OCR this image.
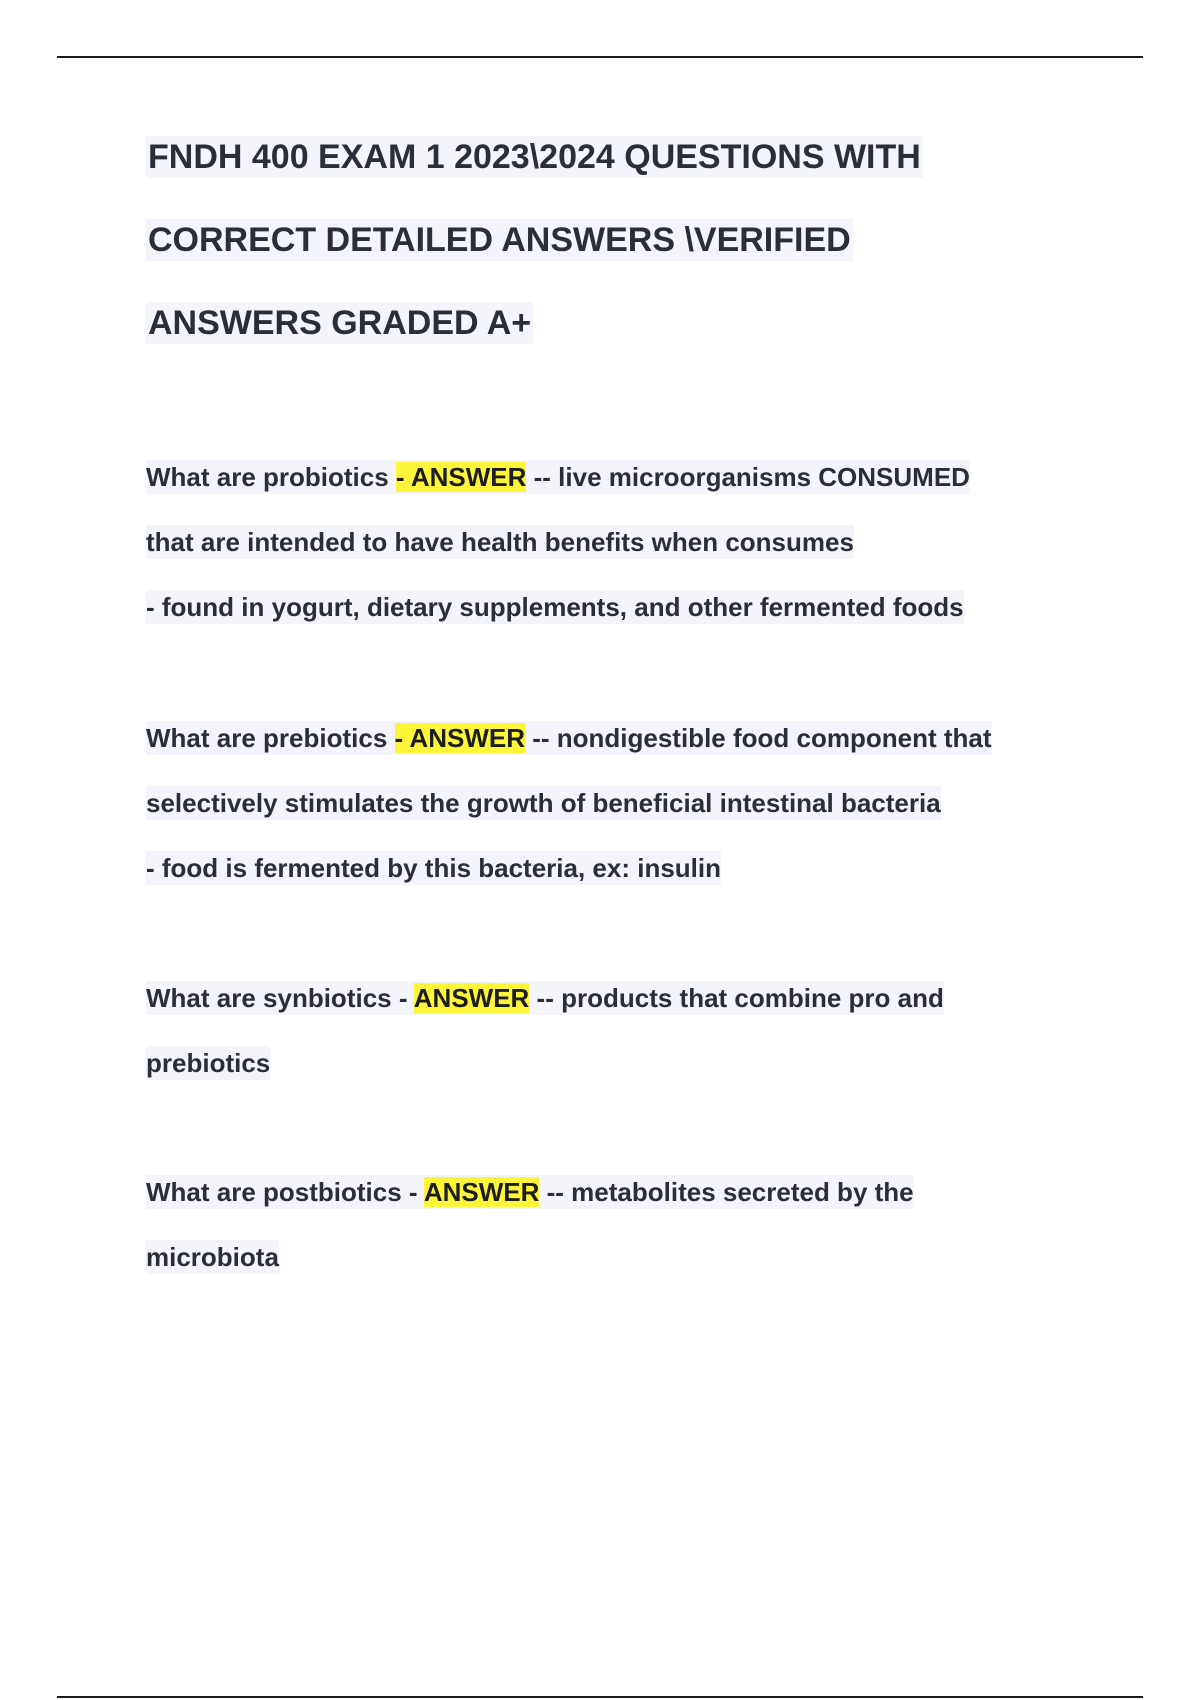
FNDH 400 EXAM 1 2023\2024 QUESTIONS WITH
CORRECT DETAILED ANSWERS \VERIFIED
ANSWERS GRADED A+
What are probiotics - ANSWER -- live microorganisms CONSUMED
that are intended to have health benefits when consumes
- found in yogurt, dietary supplements, and other fermented foods
What are prebiotics - ANSWER -- nondigestible food component that
selectively stimulates the growth of beneficial intestinal bacteria
- food is fermented by this bacteria, ex: insulin
What are synbiotics - ANSWER -- products that combine pro and
prebiotics
What are postbiotics - ANSWER -- metabolites secreted by the
microbiota
